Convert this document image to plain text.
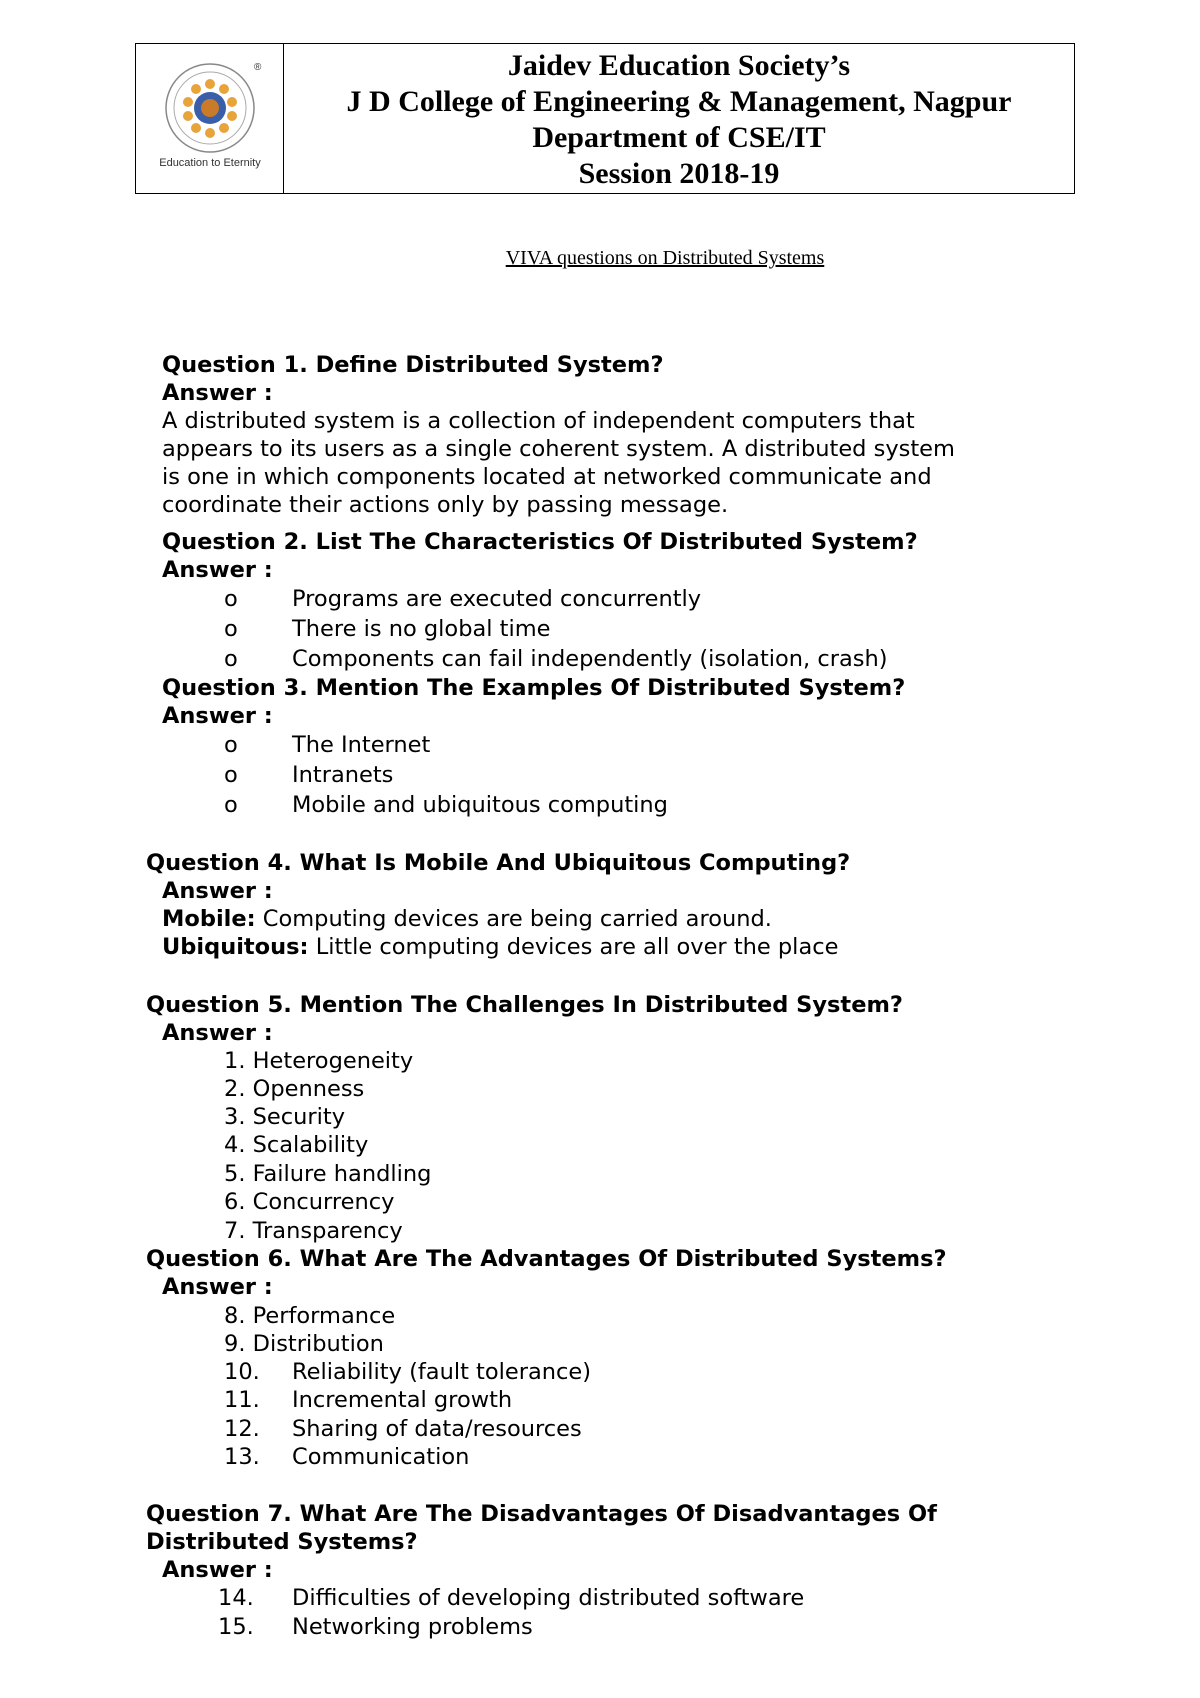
®
Education to Eternity
Jaidev Education Society’s
J D College of Engineering & Management, Nagpur
Department of CSE/IT
Session 2018-19
VIVA questions on Distributed Systems
Question 1. Define Distributed System?
Answer :
A distributed system is a collection of independent computers that
appears to its users as a single coherent system. A distributed system
is one in which components located at networked communicate and
coordinate their actions only by passing message.
Question 2. List The Characteristics Of Distributed System?
Answer :
o Programs are executed concurrently
o There is no global time
o Components can fail independently (isolation, crash)
Question 3. Mention The Examples Of Distributed System?
Answer :
o The Internet
o Intranets
o Mobile and ubiquitous computing
Question 4. What Is Mobile And Ubiquitous Computing?
Answer :
Mobile: Computing devices are being carried around.
Ubiquitous: Little computing devices are all over the place
Question 5. Mention The Challenges In Distributed System?
Answer :
1. Heterogeneity
2. Openness
3. Security
4. Scalability
5. Failure handling
6. Concurrency
7. Transparency
Question 6. What Are The Advantages Of Distributed Systems?
Answer :
8. Performance
9. Distribution
10. Reliability (fault tolerance)
11. Incremental growth
12. Sharing of data/resources
13. Communication
Question 7. What Are The Disadvantages Of Disadvantages Of
Distributed Systems?
Answer :
14. Difficulties of developing distributed software
15. Networking problems
